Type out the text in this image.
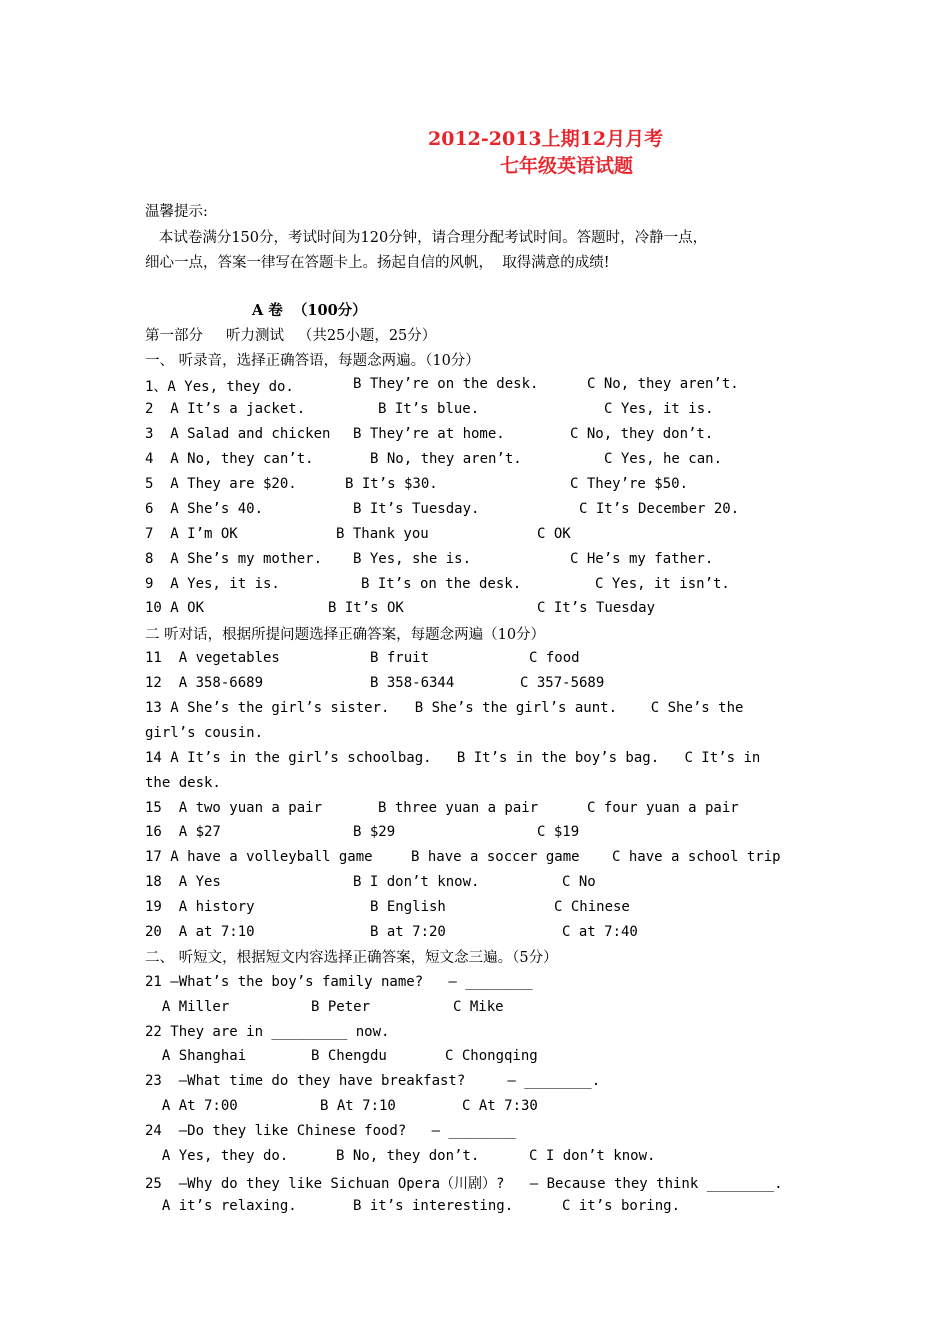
2012-2013上期12月月考
七年级英语试题
温馨提示:
本试卷满分150分，考试时间为120分钟，请合理分配考试时间。答题时，冷静一点，
细心一点，答案一律写在答题卡上。扬起自信的风帆，  取得满意的成绩!
A 卷  （100分）
第一部分     听力测试   （共25小题，25分）
一、 听录音，选择正确答语，每题念两遍。（10分）

1、A Yes, they do.

	B They’re on the desk.

	C No, they aren’t.

2  A It’s a jacket.

	B It’s blue.

	C Yes, it is.

3  A Salad and chicken

B They’re at home.

	C No, they don’t.

4  A No, they can’t.

	B No, they aren’t.

	C Yes, he can.

5  A They are $20.

	B It’s $30.

	C They’re $50.

6  A She’s 40.

	B It’s Tuesday.

	C It’s December 20.

7  A I’m OK

	B Thank you

	C OK

8  A She’s my mother.

B Yes, she is.

	C He’s my father.

9  A Yes, it is.

	B It’s on the desk.

	C Yes, it isn’t.

10 A OK

	B It’s OK

	C It’s Tuesday

二 听对话，根据所提问题选择正确答案，每题念两遍（10分）

11  A vegetables

	B fruit

	C food

12  A 358-6689

	B 358-6344

	C 357-5689

13 A She’s the girl’s sister.   B She’s the girl’s aunt.    C She’s the

girl’s cousin.

14 A It’s in the girl’s schoolbag.   B It’s in the boy’s bag.   C It’s in

the desk.

15  A two yuan a pair

	B three yuan a pair

	C four yuan a pair

16  A $27

	B $29

	C $19

17 A have a volleyball game

	B have a soccer game

C have a school trip

18  A Yes

	B I don’t know.

	C No

19  A history

	B English

	C Chinese

20  A at 7:10

	B at 7:20

	C at 7:40

二、 听短文，根据短文内容选择正确答案，短文念三遍。（5分）

21 –What’s the boy’s family name?   – ________

A Miller

	B Peter

	C Mike

22 They are in _________ now.

A Shanghai

	B Chengdu

	C Chongqing

23  –What time do they have breakfast?     – ________.

A At 7:00

	B At 7:10

	C At 7:30

24  –Do they like Chinese food?   – ________

A Yes, they do.

	B No, they don’t.

	C I don’t know.

25  –Why do they like Sichuan Opera（川剧）?   – Because they think ________.

A it’s relaxing.

	B it’s interesting.

	C it’s boring.
